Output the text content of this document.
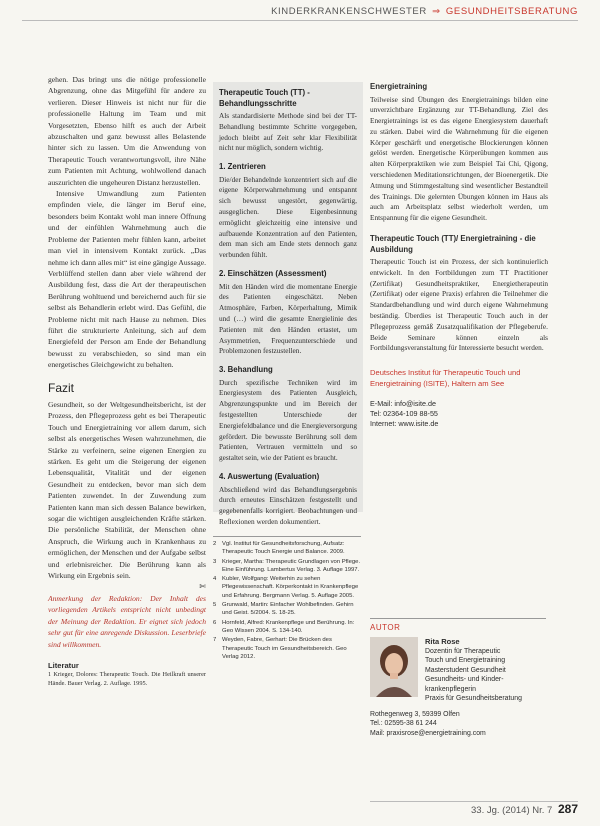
KINDERKRANKENSCHWESTER ⇒ GESUNDHEITSBERATUNG

gehen. Das bringt uns die nötige professionelle Abgrenzung, ohne das Mitgefühl für andere zu verlieren. Dieser Hinweis ist nicht nur für die professionelle Haltung im Team und mit Vorgesetzten, Ebenso hilft es auch der Arbeit abzuschalten und ganz bewusst alles Belastende hinter sich zu lassen. Um die Anwendung von Therapeutic Touch verantwortungsvoll, ihre Nähe zum Patienten mit Achtung, wohlwollend danach auszurichten die ungeheuren Distanz herzustellen.

Intensive Umwandlung zum Patienten empfinden viele, die länger im Beruf eine, besonders beim Kontakt wohl man innere Öffnung und der einfühlen Wahrnehmung auch die Probleme der Patienten mehr fühlen kann, arbeitet man viel in intensivem Kontakt zurück. „Das nehme ich dann alles mit“ ist eine gängige Aussage. Verblüffend stellen dann aber viele während der Ausbildung fest, dass die Art der therapeutischen Berührung wohltuend und bereichernd auch für sie selbst als Behandlerin erlebt wird. Das Gefühl, die Probleme nicht mit nach Hause zu nehmen. Dies führt die strukturierte Anleitung, sich auf dem Energiefeld der Person am Ende der Behandlung bewusst zu verabschieden, so sind man ein energetisches Gleichgewicht zu behalten.

Fazit

Gesundheit, so der Weltgesundheitsbericht, ist der Prozess, den Pflegeprozess geht es bei Therapeutic Touch und Energietraining vor allem darum, sich selbst als energetisches Wesen wahrzunehmen, die Stärke zu verfeinern, seine eigenen Energien zu stärken. Es geht um die Steigerung der eigenen Lebensqualität, Vitalität und der eigenen Gesundheit zu entdecken, bevor man sich dem Patienten zuwendet. In der Zuwendung zum Patienten kann man sich dessen Balance bewirken, sogar die wichtigen ausgleichenden Kräfte stärken. Die persönliche Stabilität, der Menschen ohne Anspruch, die Wirkung auch in Krankenhaus zu ermöglichen, der Menschen und der Aufgabe selbst und erlebnisreicher. Die Berührung kann als Wirkung ein Ergebnis sein.

✄

Anmerkung der Redaktion: Der Inhalt des vorliegenden Artikels entspricht nicht unbedingt der Meinung der Redaktion. Er eignet sich jedoch sehr gut für eine anregende Diskussion. Leserbriefe sind willkommen.

Literatur
1 Krieger, Dolores: Therapeutic Touch. Die Heilkraft unserer Hände. Bauer Verlag. 2. Auflage. 1995.
Therapeutic Touch (TT) - Behandlungsschritte

Als standardisierte Methode sind bei der TT-Behandlung bestimmte Schritte vorgegeben, jedoch bleibt auf Zeit sehr klar Flexibilität nicht nur möglich, sondern wichtig.

1. Zentrieren

Die/der Behandelnde konzentriert sich auf die eigene Körperwahrnehmung und entspannt sich bewusst ungestört, gegenwärtig, ausgeglichen. Diese Eigenbesinnung ermöglicht gleichzeitig eine intensive und aufbauende Konzentration auf den Patienten, dem man sich am Ende stets dennoch ganz verbunden fühlt.

2. Einschätzen (Assessment)

Mit den Händen wird die momentane Energie des Patienten eingeschätzt. Neben Atmosphäre, Farben, Körperhaltung, Mimik und (…) wird die gesamte Energielinie des Patienten mit den Händen ertastet, um Asymmetrien, Frequenzunterschiede und Problemzonen festzustellen.

3. Behandlung

Durch spezifische Techniken wird im Energiesystem des Patienten Ausgleich, Abgrenzungspunkte und im Bereich der festgestellten Unterschiede der Energiefeldbalance und die Energieversorgung gefördert. Die bewusste Berührung soll dem Patienten, Vertrauen vermitteln und so gestaltet sein, wie der Patient es braucht.

4. Auswertung (Evaluation)

Abschließend wird das Behandlungsergebnis durch erneutes Einschätzen festgestellt und gegebenenfalls korrigiert. Beobachtungen und Reflexionen werden dokumentiert.

Energietraining

Teilweise sind Übungen des Energietrainings bilden eine unverzichtbare Ergänzung zur TT-Behandlung. Ziel des Energietrainings ist es das eigene Energiesystem dauerhaft zu stärken. Dabei wird die Wahrnehmung für die eigenen Körper geschärft und energetische Blockierungen können gelöst werden. Energetische Körperübungen kommen aus alten Körperpraktiken wie zum Beispiel Tai Chi, Qigong, verschiedenen Meditationsrichtungen, der Bioenergetik. Die Atmung und Stimmgestaltung sind wesentlicher Bestandteil des Trainings. Die gelernten Übungen können im Haus als auch am Arbeitsplatz selbst wiederholt werden, um Entspannung für die eigene Gesundheit.

Therapeutic Touch (TT)/ Energietraining - die Ausbildung

Therapeutic Touch ist ein Prozess, der sich kontinuierlich entwickelt. In den Fortbildungen zum TT Practitioner (Zertifikat) Gesundheitspraktiker, Energietherapeutin (Zertifikat) oder eigene Praxis) erfahren die Teilnehmer die Standardbehandlung und wird durch eigene Wahrnehmung beständig. Überdies ist Therapeutic Touch auch in der Pflegeprozess gemäß Zusatzqualifikation der Pflegeberufe. Beide Seminare können einzeln als Fortbildungsveranstaltung für Interessierte besucht werden.

Deutsches Institut für Therapeutic Touch und Energietraining (ISITE), Haltern am See
E-Mail: info@isite.de
Tel: 02364-109 88-55
Internet: www.isite.de
2 Vgl. Institut für Gesundheitsforschung, Aufsatz: Therapeutic Touch Energie und Balance. 2009.
3 Krieger, Martha: Therapeutic Grundlagen von Pflege. Eine Einführung. Lambertus Verlag. 3. Auflage 1997.
4 Kubler, Wolfgang: Weiterhin zu sehen Pflegewissenschaft. Körperkontakt in Krankenpflege und Erfahrung. Bergmann Verlag. 5. Auflage 2005.
5 Grunwald, Martin: Einfacher Wohlbefinden. Gehirn und Geist. 5/2004. S. 18-25.
6 Hornfeld, Alfred: Krankenpflege und Berührung. In: Geo Wissen 2004. S. 134-140.
7 Weyden, Fabre, Gerhart: Die Brücken des Therapeutic Touch im Gesundheitsbereich. Geo Verlag 2012.
AUTOR
Rita Rose
Dozentin für Therapeutic
Touch und Energietraining
Masterstudent Gesundheit
Gesundheits- und Kinder-
krankenpflegerin
Praxis für Gesundheitsberatung
Rothegenweg 3, 59399 Olfen
Tel.: 02595-38 61 244
Mail: praxisrose@energietraining.com
33. Jg. (2014) Nr. 7 287
